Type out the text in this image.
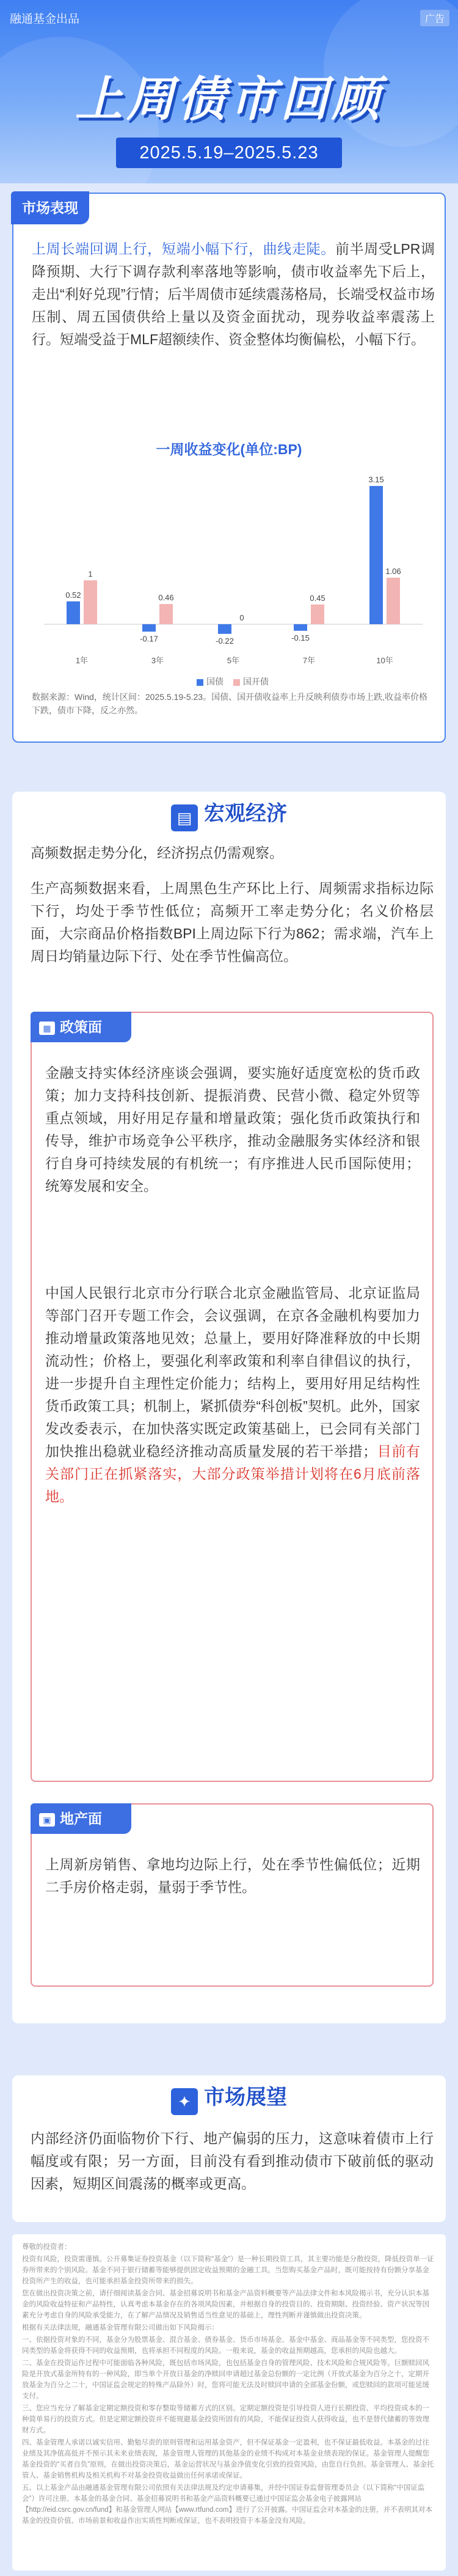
融通基金出品	广告
上周债市回顾
2025.5.19–2025.5.23
市场表现
上周长端回调上行，短端小幅下行，曲线走陡。前半周受LPR调降预期、大行下调存款利率落地等影响，债市收益率先下后上，走出“利好兑现”行情；后半周债市延续震荡格局，长端受权益市场压制、周五国债供给上量以及资金面扰动，现券收益率震荡上行。短端受益于MLF超额续作、资金整体均衡偏松，小幅下行。
一周收益变化(单位:BP)
0.52
1
1年
-0.17
0.46
3年
-0.22
0
5年
-0.15
0.45
7年
3.15
1.06
10年
国债 国开债
数据来源：Wind，统计区间：2025.5.19-5.23。国债、国开债收益率上升反映利债券市场上跌,收益率价格下跌，债市下降，反之亦然。
▤ 宏观经济
高频数据走势分化，经济拐点仍需观察。
生产高频数据来看，上周黑色生产环比上行、周频需求指标边际下行，均处于季节性低位；高频开工率走势分化；名义价格层面，大宗商品价格指数BPI上周边际下行为862；需求端，汽车上周日均销量边际下行、处在季节性偏高位。
▦ 政策面
金融支持实体经济座谈会强调，要实施好适度宽松的货币政策；加力支持科技创新、提振消费、民营小微、稳定外贸等重点领域，用好用足存量和增量政策；强化货币政策执行和传导，维护市场竞争公平秩序，推动金融服务实体经济和银行自身可持续发展的有机统一；有序推进人民币国际使用；统筹发展和安全。
中国人民银行北京市分行联合北京金融监管局、北京证监局等部门召开专题工作会，会议强调，在京各金融机构要加力推动增量政策落地见效；总量上，要用好降准释放的中长期流动性；价格上，要强化利率政策和利率自律倡议的执行，进一步提升自主理性定价能力；结构上，要用好用足结构性货币政策工具；机制上，紧抓债券“科创板”契机。此外，国家发改委表示，在加快落实既定政策基础上，已会同有关部门加快推出稳就业稳经济推动高质量发展的若干举措；目前有关部门正在抓紧落实，大部分政策举措计划将在6月底前落地。
▣ 地产面
上周新房销售、拿地均边际上行，处在季节性偏低位；近期二手房价格走弱，量弱于季节性。
✦ 市场展望
内部经济仍面临物价下行、地产偏弱的压力，这意味着债市上行幅度或有限；另一方面，目前没有看到推动债市下破前低的驱动因素，短期区间震荡的概率或更高。

尊敬的投资者：

投资有风险，投资需谨慎。公开募集证券投资基金（以下简称“基金”）是一种长期投资工具，其主要功能是分散投资，降低投资单一证券所带来的个别风险。基金不同于银行储蓄等能够提供固定收益预期的金融工具，当您购买基金产品时，既可能按持有份额分享基金投资所产生的收益，也可能承担基金投资所带来的损失。

您在做出投资决策之前，请仔细阅读基金合同、基金招募说明书和基金产品资料概要等产品法律文件和本风险揭示书，充分认识本基金的风险收益特征和产品特性，认真考虑本基金存在的各项风险因素，并根据自身的投资目的、投资期限、投资经验、资产状况等因素充分考虑自身的风险承受能力，在了解产品情况及销售适当性意见的基础上，理性判断并谨慎做出投资决策。

根据有关法律法规，融通基金管理有限公司做出如下风险揭示：

一、依据投资对象的不同，基金分为股票基金、混合基金、债券基金、货币市场基金、基金中基金、商品基金等不同类型，您投资不同类型的基金将获得不同的收益预期，也将承担不同程度的风险。一般来说，基金的收益预期越高，您承担的风险也越大。

二、基金在投资运作过程中可能面临各种风险，既包括市场风险，也包括基金自身的管理风险、技术风险和合规风险等。巨额赎回风险是开放式基金所特有的一种风险，即当单个开放日基金的净赎回申请超过基金总份额的一定比例（开放式基金为百分之十，定期开放基金为百分之二十，中国证监会规定的特殊产品除外）时，您将可能无法及时赎回申请的全部基金份额，或您赎回的款项可能延缓支付。

三、您应当充分了解基金定期定额投资和零存整取等储蓄方式的区别。定期定额投资是引导投资人进行长期投资、平均投资成本的一种简单易行的投资方式。但是定期定额投资并不能规避基金投资所固有的风险，不能保证投资人获得收益，也不是替代储蓄的等效理财方式。

四、基金管理人承诺以诚实信用、勤勉尽责的原则管理和运用基金资产，但不保证基金一定盈利，也不保证最低收益。本基金的过往业绩及其净值高低并不预示其未来业绩表现，基金管理人管理的其他基金的业绩不构成对本基金业绩表现的保证。基金管理人提醒您基金投资的“买者自负”原则，在做出投资决策后，基金运营状况与基金净值变化引致的投资风险，由您自行负担。基金管理人、基金托管人、基金销售机构及相关机构不对基金投资收益做出任何承诺或保证。

五、以上基金产品由融通基金管理有限公司依照有关法律法规及约定申请募集，并经中国证券监督管理委员会（以下简称“中国证监会”）许可注册。本基金的基金合同、基金招募说明书和基金产品资料概要已通过中国证监会基金电子披露网站【http://eid.csrc.gov.cn/fund】和基金管理人网站【www.rtfund.com】进行了公开披露。中国证监会对本基金的注册，并不表明其对本基金的投资价值、市场前景和收益作出实质性判断或保证，也不表明投资于本基金没有风险。
